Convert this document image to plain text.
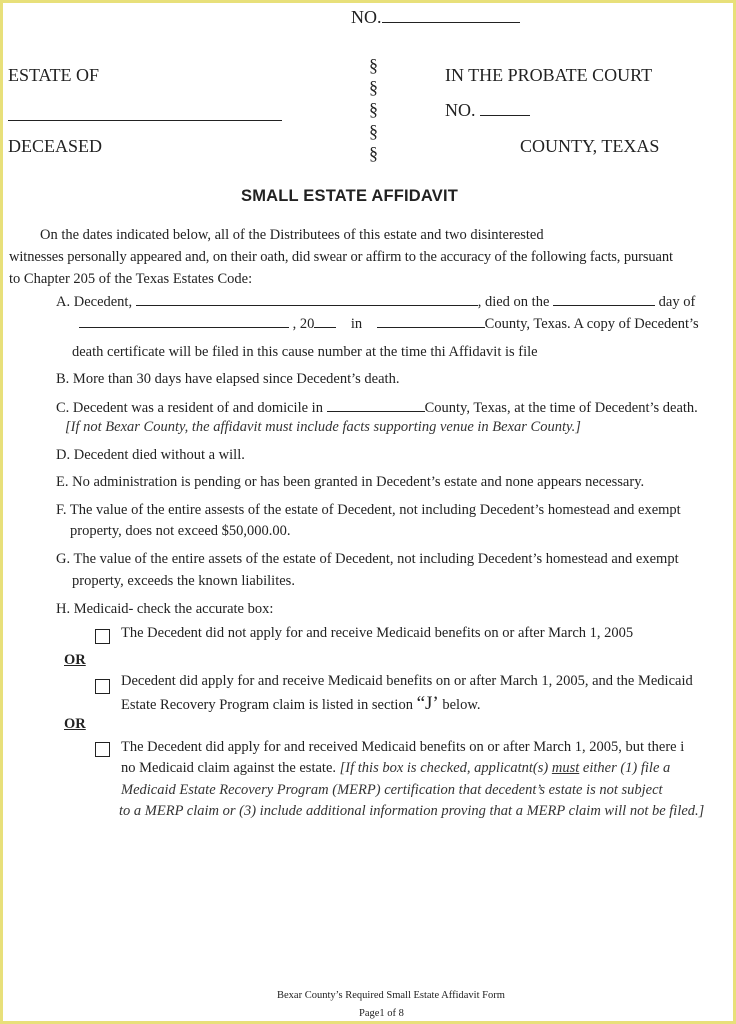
NO.
ESTATE OF
DECEASED
§
§
§
§
§
IN THE PROBATE COURT
NO.
COUNTY, TEXAS
SMALL ESTATE AFFIDAVIT
On the dates indicated below, all of the Distributees of this estate and two disinterested
witnesses personally appeared and, on their oath, did swear or affirm to the accuracy of the following facts, pursuant
to Chapter 205 of the Texas Estates Code:
A. Decedent,	, died on the	day of
, 20	in	County, Texas. A copy of Decedent’s
death certificate will be filed in this cause number at the time thi Affidavit is file
B. More than 30 days have elapsed since Decedent’s death.
C. Decedent was a resident of and domicile in	County, Texas, at the time of Decedent’s death.
[If not Bexar County, the affidavit must include facts supporting venue in Bexar County.]
D. Decedent died without a will.
E. No administration is pending or has been granted in Decedent’s estate and none appears necessary.
F. The value of the entire assests of the estate of Decedent, not including Decedent’s homestead and exempt
property, does not exceed $50,000.00.
G. The value of the entire assets of the estate of Decedent, not including Decedent’s homestead and exempt
property, exceeds the known liabilites.
H. Medicaid- check the accurate box:
The Decedent did not apply for and receive Medicaid benefits on or after March 1, 2005
OR
Decedent did apply for and receive Medicaid benefits on or after March 1, 2005, and the Medicaid
Estate Recovery Program claim is listed in section “J’ below.
OR
The Decedent did apply for and received Medicaid benefits on or after March 1, 2005, but there i
no Medicaid claim against the estate. [If this box is checked, applicatnt(s) must either (1) file a
Medicaid Estate Recovery Program (MERP) certification that decedent’s estate is not subject
to a MERP claim or (3) include additional information proving that a MERP claim will not be filed.]
Bexar County’s Required Small Estate Affidavit Form
Page1 of 8
